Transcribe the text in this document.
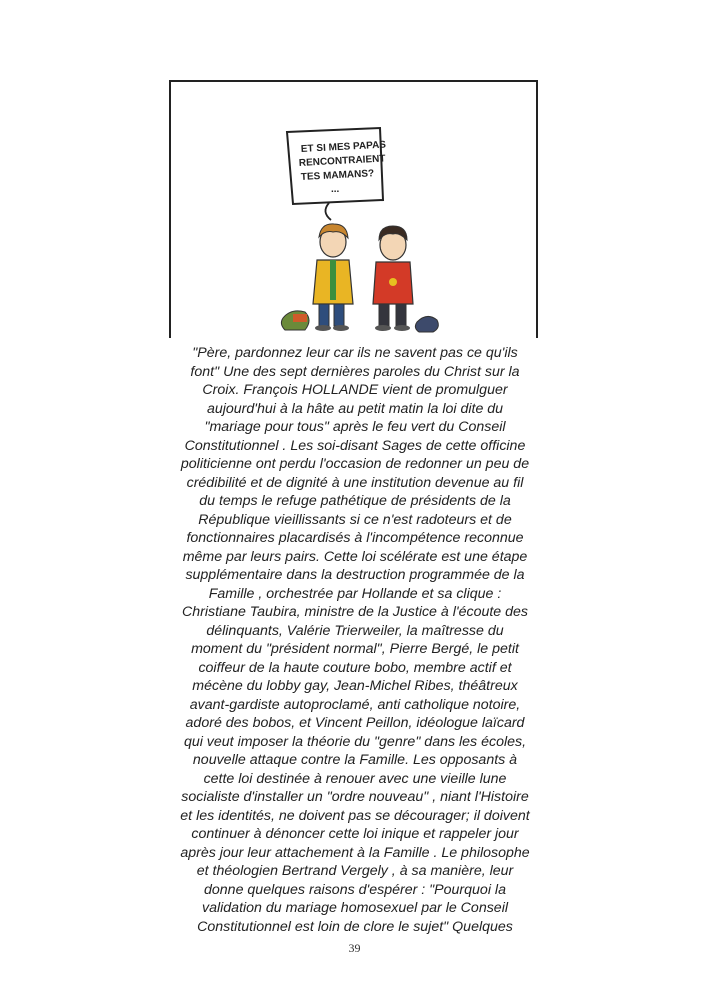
ET SI MES PAPAS
RENCONTRAIENT
TES MAMANS?
...

"Père, pardonnez leur car ils ne savent pas ce qu'ils
font" Une des sept dernières paroles du Christ sur la
Croix. François HOLLANDE vient de promulguer
aujourd'hui à la hâte au petit matin la loi dite du
"mariage pour tous" après le feu vert du Conseil
Constitutionnel . Les soi-disant Sages de cette officine
politicienne ont perdu l'occasion de redonner un peu de
crédibilité et de dignité à une institution devenue au fil
du temps le refuge pathétique de présidents de la
République vieillissants si ce n'est radoteurs et de
fonctionnaires placardisés à l'incompétence reconnue
même par leurs pairs. Cette loi scélérate est une étape
supplémentaire dans la destruction programmée de la
Famille , orchestrée par Hollande et sa clique :
Christiane Taubira, ministre de la Justice à l'écoute des
délinquants, Valérie Trierweiler, la maîtresse du
moment du "président normal", Pierre Bergé, le petit
coiffeur de la haute couture bobo, membre actif et
mécène du lobby gay, Jean-Michel Ribes, théâtreux
avant-gardiste autoproclamé, anti catholique notoire,
adoré des bobos, et Vincent Peillon, idéologue laïcard
qui veut imposer la théorie du "genre" dans les écoles,
nouvelle attaque contre la Famille. Les opposants à
cette loi destinée à renouer avec une vieille lune
socialiste d'installer un "ordre nouveau" , niant l'Histoire
et les identités, ne doivent pas se décourager; il doivent
continuer à dénoncer cette loi inique et rappeler jour
après jour leur attachement à la Famille . Le philosophe
et théologien Bertrand Vergely , à sa manière, leur
donne quelques raisons d'espérer : "Pourquoi la
validation du mariage homosexuel par le Conseil
Constitutionnel est loin de clore le sujet" Quelques

39
